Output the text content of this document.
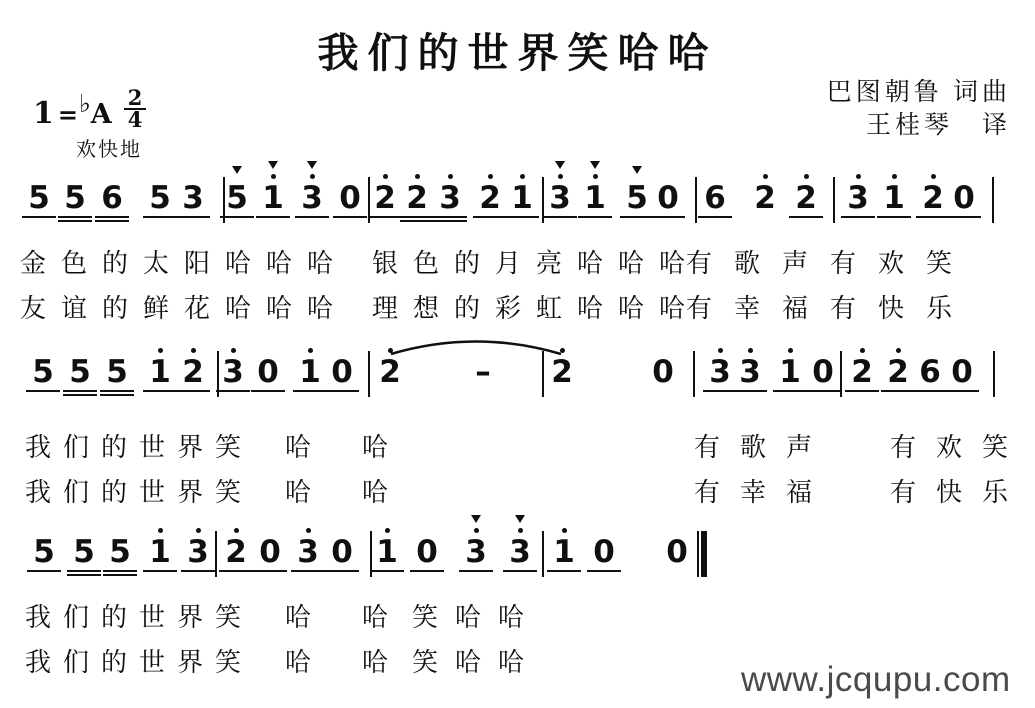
我们的世界笑哈哈
1 =♭A $\frac{2}{4}$
欢快地
巴图朝鲁 词曲
王桂琴　译
5 5 6 5 3 5 1 3 0 2 2 3 2 1 3 1 5 0 6 2 2 3 1 2 0
5 5 5 1 2 3 0 1 0 2	–	2	0 3 3 1 0 2 2 6 0
5 5 5 1 3 2 0 3 0 1 0 3 3 1 0 0
金色的太阳哈哈哈 银色的月亮哈哈哈
有歌声有欢笑
友谊的鲜花哈哈哈 理想的彩虹哈哈哈
有幸福有快乐
我们的世界笑 哈 哈	有歌声 有欢笑
我们的世界笑 哈 哈	有幸福 有快乐
我们的世界笑 哈 哈 笑哈哈
我们的世界笑 哈 哈 笑哈哈	www.jcqupu.com
